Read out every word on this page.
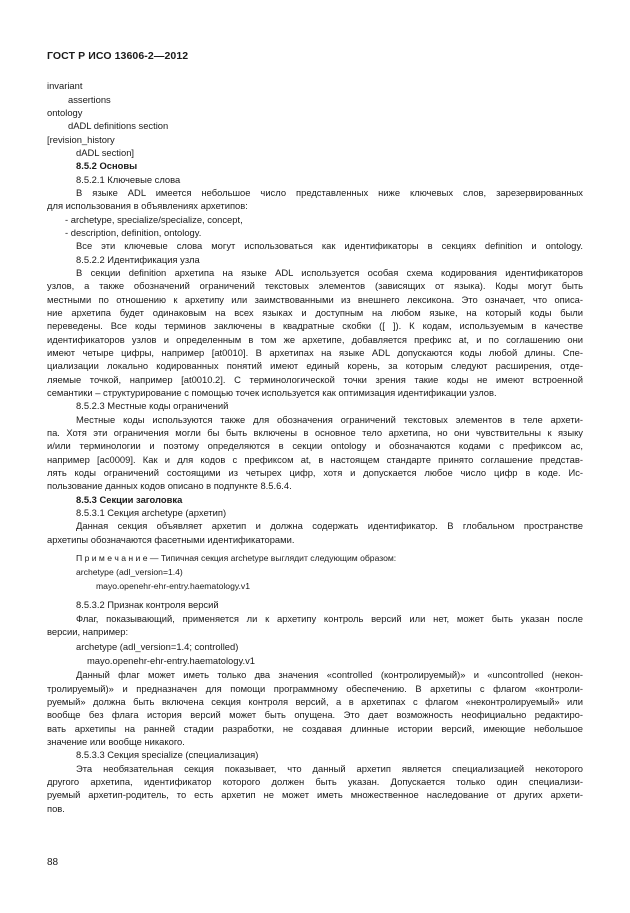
ГОСТ Р ИСО 13606-2—2012
invariant
assertions
ontology
dADL definitions section
[revision_history
dADL section]
8.5.2 Основы
8.5.2.1 Ключевые слова
В языке ADL имеется небольшое число представленных ниже ключевых слов, зарезервированных
для использования в объявлениях архетипов:
- archetype, specialize/specialize, concept,
- description, definition, ontology.
Все эти ключевые слова могут использоваться как идентификаторы в секциях definition и ontology.
8.5.2.2 Идентификация узла
В секции definition архетипа на языке ADL используется особая схема кодирования идентификаторов
узлов, а также обозначений ограничений текстовых элементов (зависящих от языка). Коды могут быть
местными по отношению к архетипу или заимствованными из внешнего лексикона. Это означает, что описа-
ние архетипа будет одинаковым на всех языках и доступным на любом языке, на который коды были
переведены. Все коды терминов заключены в квадратные скобки ([ ]). К кодам, используемым в качестве
идентификаторов узлов и определенным в том же архетипе, добавляется префикс at, и по соглашению они
имеют четыре цифры, например [at0010]. В архетипах на языке ADL допускаются коды любой длины. Спе-
циализации локально кодированных понятий имеют единый корень, за которым следуют расширения, отде-
ляемые точкой, например [at0010.2]. С терминологической точки зрения такие коды не имеют встроенной
семантики – структурирование с помощью точек используется как оптимизация идентификации узлов.
8.5.2.3 Местные коды ограничений
Местные коды используются также для обозначения ограничений текстовых элементов в теле архети-
па. Хотя эти ограничения могли бы быть включены в основное тело архетипа, но они чувствительны к языку
и/или терминологии и поэтому определяются в секции ontology и обозначаются кодами с префиксом ac,
например [ac0009]. Как и для кодов с префиксом at, в настоящем стандарте принято соглашение представ-
лять коды ограничений состоящими из четырех цифр, хотя и допускается любое число цифр в коде. Ис-
пользование данных кодов описано в подпункте 8.5.6.4.
8.5.3 Секции заголовка
8.5.3.1 Секция archetype (архетип)
Данная секция объявляет архетип и должна содержать идентификатор. В глобальном пространстве
архетипы обозначаются фасетными идентификаторами.
П р и м е ч а н и е — Типичная секция archetype выглядит следующим образом:
archetype (adl_version=1.4)
mayo.openehr-ehr-entry.haematology.v1
8.5.3.2 Признак контроля версий
Флаг, показывающий, применяется ли к архетипу контроль версий или нет, может быть указан после
версии, например:
archetype (adl_version=1.4; controlled)
mayo.openehr-ehr-entry.haematology.v1
Данный флаг может иметь только два значения «controlled (контролируемый)» и «uncontrolled (некон-
тролируемый)» и предназначен для помощи программному обеспечению. В архетипы с флагом «контроли-
руемый» должна быть включена секция контроля версий, а в архетипах с флагом «неконтролируемый» или
вообще без флага история версий может быть опущена. Это дает возможность неофициально редактиро-
вать архетипы на ранней стадии разработки, не создавая длинные истории версий, имеющие небольшое
значение или вообще никакого.
8.5.3.3 Секция specialize (специализация)
Эта необязательная секция показывает, что данный архетип является специализацией некоторого
другого архетипа, идентификатор которого должен быть указан. Допускается только один специализи-
руемый архетип-родитель, то есть архетип не может иметь множественное наследование от других архети-
пов.
88
